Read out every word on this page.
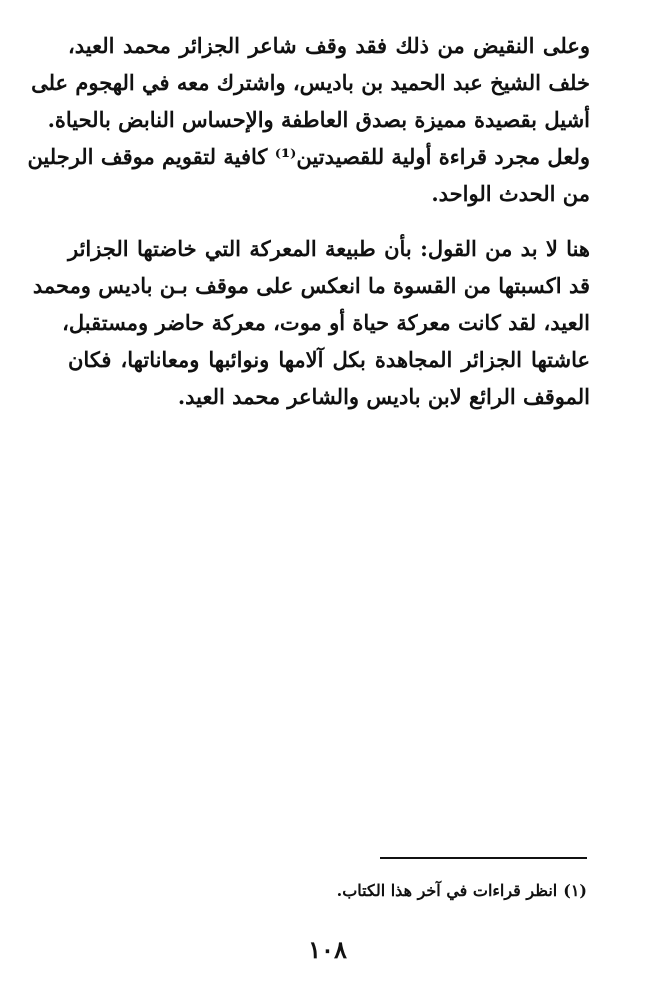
وعلى النقيض من ذلك فقد وقف شاعر الجزائر محمد العيد،
خلف الشيخ عبد الحميد بن باديس، واشترك معه في الهجوم على
أشيل بقصيدة مميزة بصدق العاطفة والإحساس النابض بالحياة.
ولعل مجرد قراءة أولية للقصيدتين⁽¹⁾ كافية لتقويم موقف الرجلين
من الحدث الواحد.
هنا لا بد من القول: بأن طبيعة المعركة التي خاضتها الجزائر
قد اكسبتها من القسوة ما انعكس على موقف بـن باديس ومحمد
العيد، لقد كانت معركة حياة أو موت، معركة حاضر ومستقبل،
عاشتها الجزائر المجاهدة بكل آلامها ونوائبها ومعاناتها، فكان
الموقف الرائع لابن باديس والشاعر محمد العيد.
(١)انظر قراءات في آخر هذا الكتاب.
١٠٨
